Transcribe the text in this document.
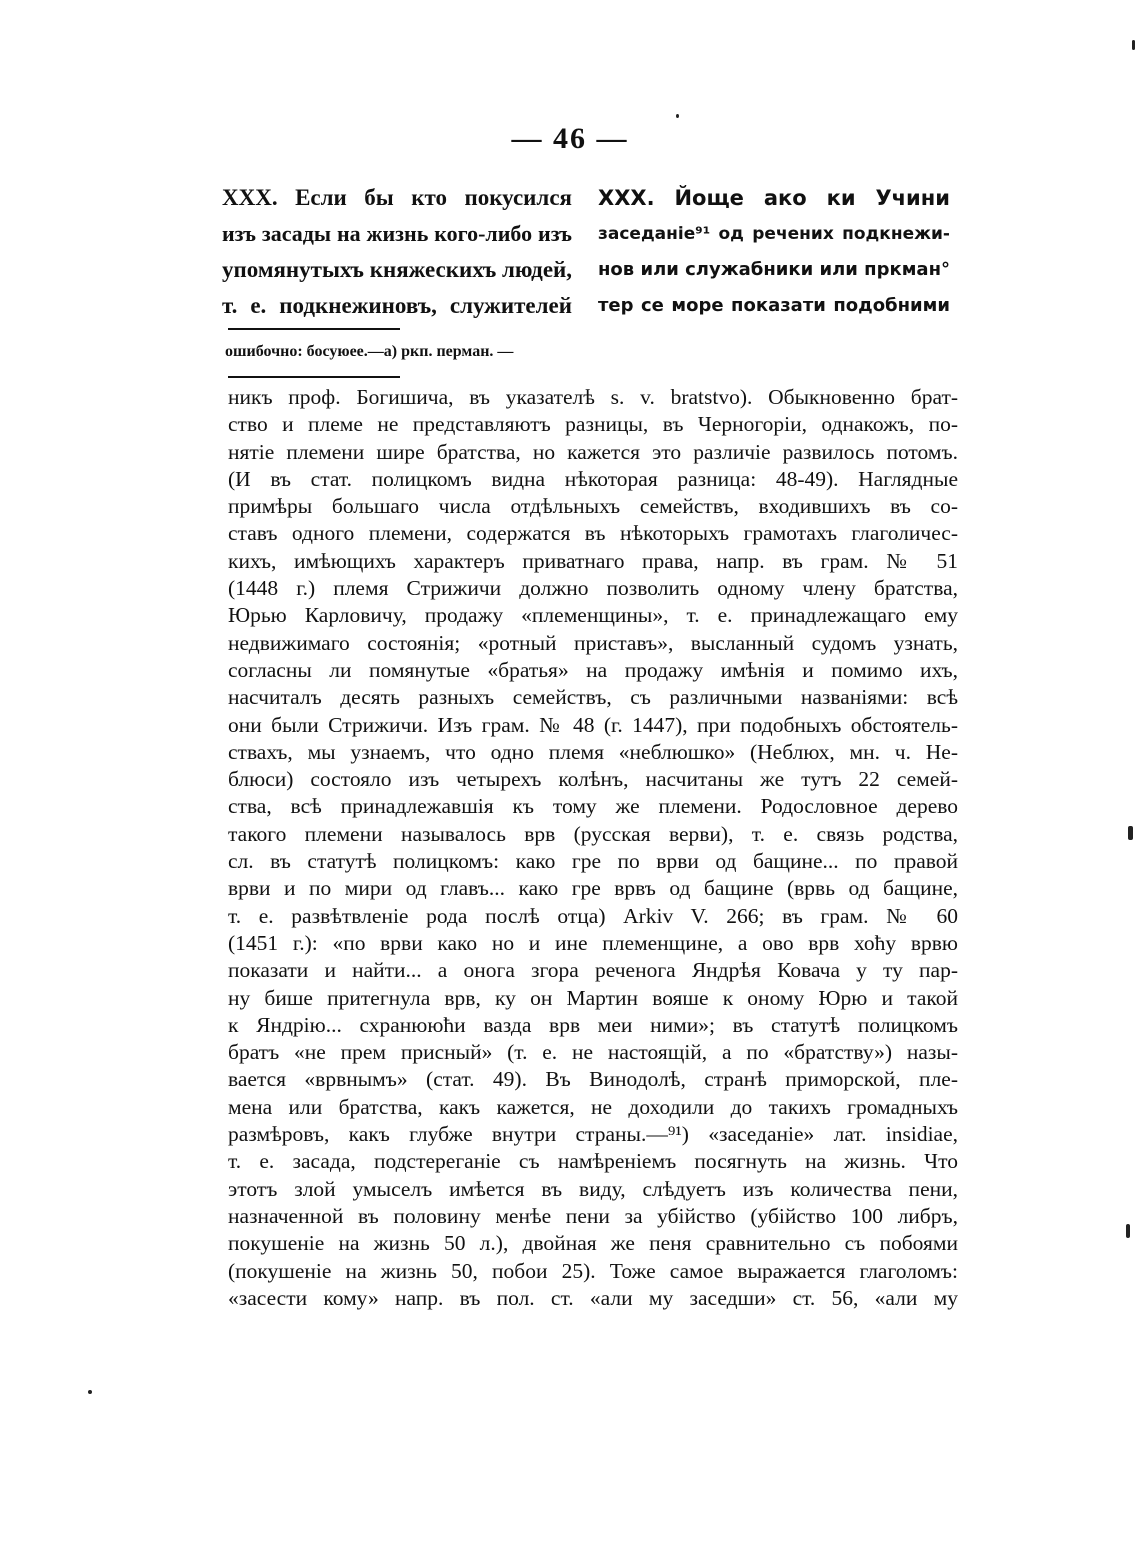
— 46 —
XXX. Если бы кто покусился
изъ засады на жизнь кого-либо изъ
упомянутыхъ княжескихъ людей,
т. е. подкнежиновъ, служителей
XXX. Йоще ако ки Учини
заседаніе⁹¹ од речених подкнежи-
нов или служабники или пркман°
тер се море показати подобними
ошибочно: босуюее.—а) ркп. перман. —
никъ проф. Богишича, въ указателѣ s. v. bratstvo). Обыкновенно брат-
ство и племе не представляютъ разницы, въ Черногоріи, однакожъ, по-
нятіе племени шире братства, но кажется это различіе развилось потомъ.
(И въ стат. полицкомъ видна нѣкоторая разница: 48-49). Наглядные
примѣры большаго числа отдѣльныхъ семействъ, входившихъ въ со-
ставъ одного племени, содержатся въ нѣкоторыхъ грамотахъ глаголичес-
кихъ, имѣющихъ характеръ приватнаго права, напр. въ грам. № 51
(1448 г.) племя Стрижичи должно позволить одному члену братства,
Юрью Карловичу, продажу «племенщины», т. е. принадлежащаго ему
недвижимаго состоянія; «ротный приставъ», высланный судомъ узнать,
согласны ли помянутые «братья» на продажу имѣнія и помимо ихъ,
насчиталъ десять разныхъ семействъ, съ различными названіями: всѣ
они были Стрижичи. Изъ грам. № 48 (г. 1447), при подобныхъ обстоятель-
ствахъ, мы узнаемъ, что одно племя «неблюшко» (Неблюх, мн. ч. Не-
блюси) состояло изъ четырехъ колѣнъ, насчитаны же тутъ 22 семей-
ства, всѣ принадлежавшія къ тому же племени. Родословное дерево
такого племени называлось врв (русская верви), т. е. связь родства,
сл. въ статутѣ полицкомъ: како гре по врви од бащине... по правой
врви и по мири од главъ... како гре врвъ од бащине (врвь од бащине,
т. е. развѣтвленіе рода послѣ отца) Arkiv V. 266; въ грам. № 60
(1451 г.): «по врви како но и ине племенщине, а ово врв хоћу врвю
показати и найти... а онога згора реченога Яндрѣя Ковача у ту пар-
ну бише притегнула врв, ку он Мартин вояше к оному Юрю и такой
к Яндрію... схранююћи вазда врв меи ними»; въ статутѣ полицкомъ
братъ «не прем присный» (т. е. не настоящій, а по «братству») назы-
вается «врвнымъ» (стат. 49). Въ Винодолѣ, странѣ приморской, пле-
мена или братства, какъ кажется, не доходили до такихъ громадныхъ
размѣровъ, какъ глубже внутри страны.—⁹¹) «заседаніе» лат. insidiae,
т. е. засада, подстереганіе съ намѣреніемъ посягнуть на жизнь. Что
этотъ злой умыселъ имѣется въ виду, слѣдуетъ изъ количества пени,
назначенной въ половину менѣе пени за убійство (убійство 100 либръ,
покушеніе на жизнь 50 л.), двойная же пеня сравнительно съ побоями
(покушеніе на жизнь 50, побои 25). Тоже самое выражается глаголомъ:
«засести кому» напр. въ пол. ст. «али му заседши» ст. 56, «али му
